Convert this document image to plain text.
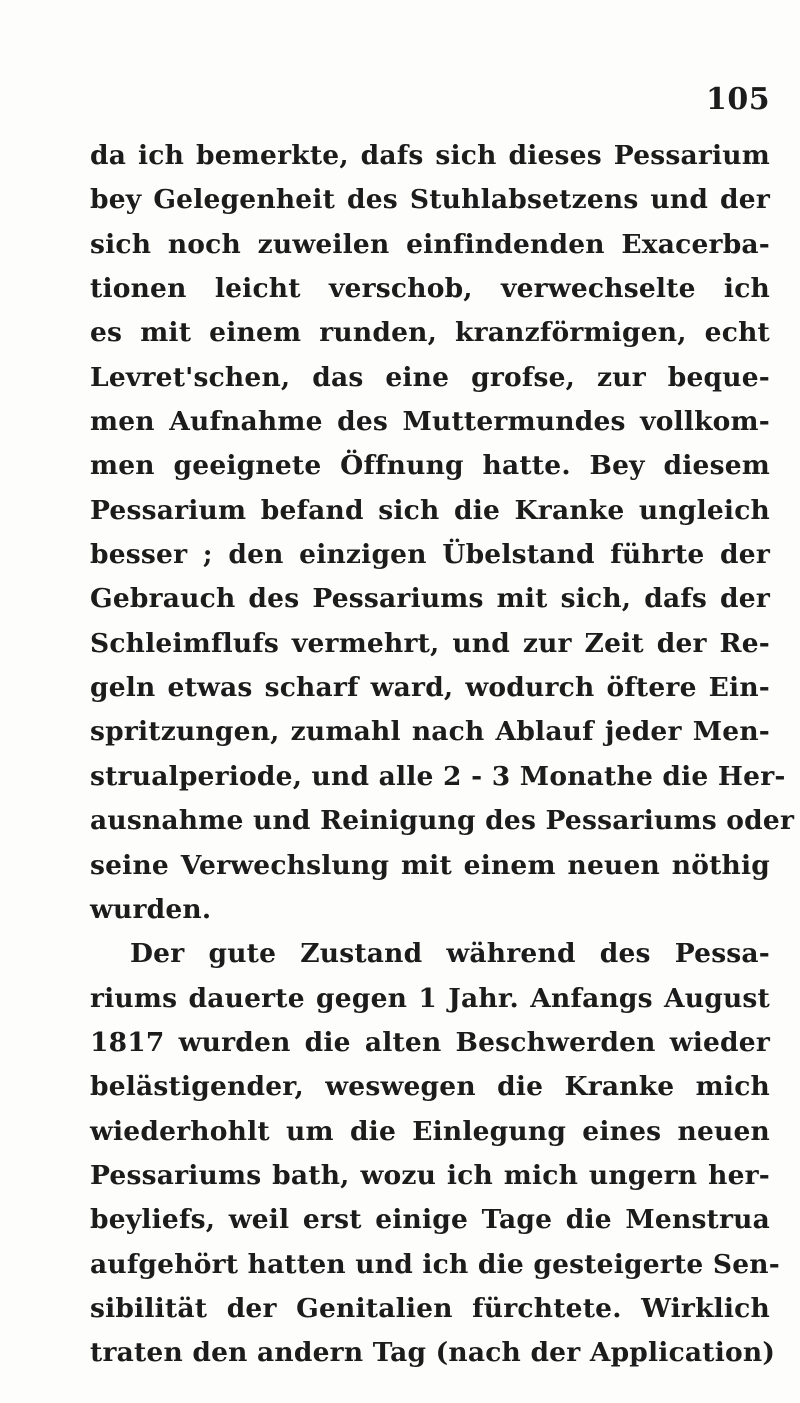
105
da ich bemerkte, dafs sich dieses Pessarium
bey Gelegenheit des Stuhlabsetzens und der
sich noch zuweilen einfindenden Exacerba-
tionen leicht verschob, verwechselte ich
es mit einem runden, kranzförmigen, echt
Levret'schen, das eine grofse, zur beque-
men Aufnahme des Muttermundes vollkom-
men geeignete Öffnung hatte. Bey diesem
Pessarium befand sich die Kranke ungleich
besser ; den einzigen Übelstand führte der
Gebrauch des Pessariums mit sich, dafs der
Schleimflufs vermehrt, und zur Zeit der Re-
geln etwas scharf ward, wodurch öftere Ein-
spritzungen, zumahl nach Ablauf jeder Men-
strualperiode, und alle 2 - 3 Monathe die Her-
ausnahme und Reinigung des Pessariums oder
seine Verwechslung mit einem neuen nöthig
wurden.
Der gute Zustand während des Pessa-
riums dauerte gegen 1 Jahr. Anfangs August
1817 wurden die alten Beschwerden wieder
belästigender, weswegen die Kranke mich
wiederhohlt um die Einlegung eines neuen
Pessariums bath, wozu ich mich ungern her-
beyliefs, weil erst einige Tage die Menstrua
aufgehört hatten und ich die gesteigerte Sen-
sibilität der Genitalien fürchtete. Wirklich
traten den andern Tag (nach der Application)
